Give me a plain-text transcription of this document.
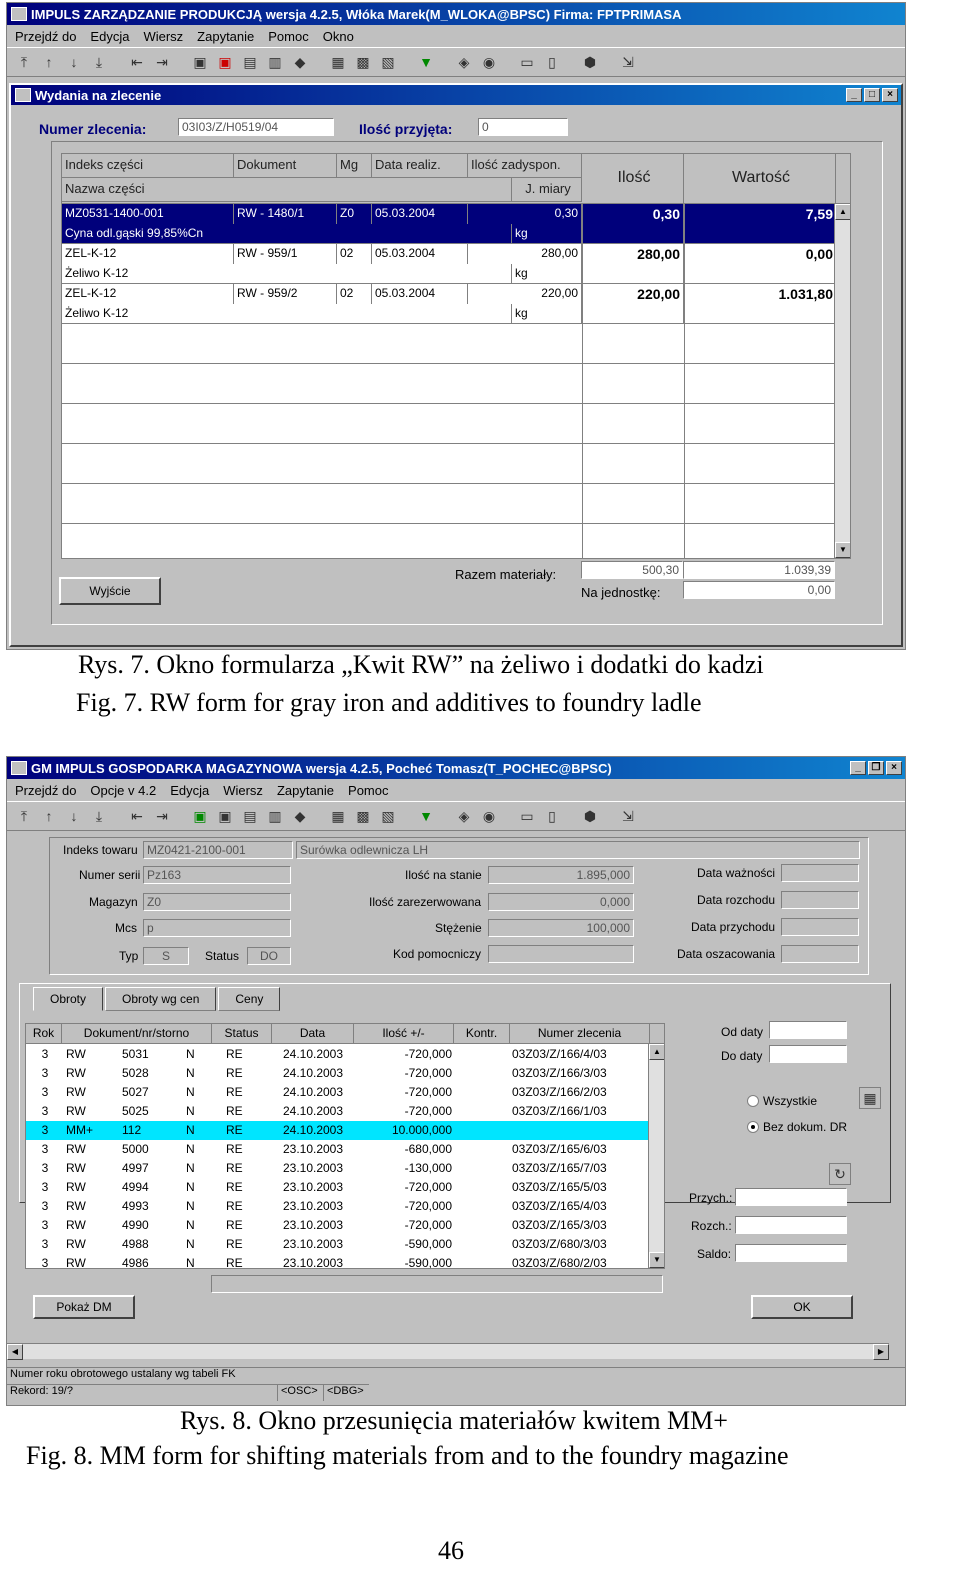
IMPULS ZARZĄDZANIE PRODUKCJĄ wersja 4.2.5, Włóka Marek(M_WLOKA@BPSC) Firma: FPTPRIMASA
Przejdź do Edycja Wiersz Zapytanie Pomoc Okno
⤒	↑	↓	⤓	⇤ ⇥	▣ ▣ ▤ ▥ ◆	▦ ▩ ▧	▼	◈ ◉	▭	▯	⬢	⇲
Wydania na zlecenie	_	□	×
Numer zlecenia:	03I03/Z/H0519/04	Ilość przyjęta:	0
Indeks części	Dokument	Mg	Data realiz.	Ilość zadyspon.
Nazwa części	J. miary
Ilość	Wartość
MZ0531-1400-001	RW - 1480/1	Z0	05.03.2004	0,30
Cyna odl.gąski 99,85%Cn	kg
0,30	7,59
ZEL-K-12	RW - 959/1	02	05.03.2004	280,00
Żeliwo K-12	kg
280,00	0,00
ZEL-K-12	RW - 959/2	02	05.03.2004	220,00
Żeliwo K-12	kg
220,00	1.031,80
▲
▼
Razem materiały:	500,30	1.039,39
Na jednostkę:	0,00
Wyjście
Rys. 7. Okno formularza „Kwit RW” na żeliwo i dodatki do kadzi
Fig. 7. RW form for gray iron and additives to foundry ladle
GM IMPULS GOSPODARKA MAGAZYNOWA wersja 4.2.5, Pocheć Tomasz(T_POCHEC@BPSC)	_	❐	×
Przejdź do Opcje v 4.2 Edycja Wiersz Zapytanie Pomoc
⤒	↑	↓	⤓	⇤ ⇥	▣ ▣ ▤ ▥ ◆	▦ ▩ ▧	▼	◈ ◉	▭	▯	⬢	⇲
Indeks towaru MZ0421-2100-001	Surówka odlewnicza LH
Numer serii Pz163
Magazyn Z0
Mcs p
Typ	S	Status	DO
Ilość na stanie	1.895,000
Ilość zarezerwowana	0,000
Stężenie	100,000
Kod pomocniczy
Data ważności
Data rozchodu
Data przychodu
Data oszacowania
Obroty	Obroty wg cen	Ceny
Rok	Dokument/nr/storno	Status	Data	Ilość +/-	Kontr.	Numer zlecenia
3	RW	5031	N	RE	24.10.2003	-720,000	03Z03/Z/166/4/03
3	RW	5028	N	RE	24.10.2003	-720,000	03Z03/Z/166/3/03
3	RW	5027	N	RE	24.10.2003	-720,000	03Z03/Z/166/2/03
3	RW	5025	N	RE	24.10.2003	-720,000	03Z03/Z/166/1/03
3	MM+	112	N	RE	24.10.2003	10.000,000
3	RW	5000	N	RE	23.10.2003	-680,000	03Z03/Z/165/6/03
3	RW	4997	N	RE	23.10.2003	-130,000	03Z03/Z/165/7/03
3	RW	4994	N	RE	23.10.2003	-720,000	03Z03/Z/165/5/03
3	RW	4993	N	RE	23.10.2003	-720,000	03Z03/Z/165/4/03
3	RW	4990	N	RE	23.10.2003	-720,000	03Z03/Z/165/3/03
3	RW	4988	N	RE	23.10.2003	-590,000	03Z03/Z/680/3/03
3	RW	4986	N	RE	23.10.2003	-590,000	03Z03/Z/680/2/03
▲
▼
Od daty
Do daty
Wszystkie
Bez dokum. DR
▦
↻
Przych.:
Rozch.:
Saldo:
Pokaż DM	OK
◀	▶
Numer roku obrotowego ustalany wg tabeli FK
Rekord: 19/?	<OSC> <DBG>
Rys. 8. Okno przesunięcia materiałów kwitem MM+
Fig. 8. MM form for shifting materials from and to the foundry magazine
46
